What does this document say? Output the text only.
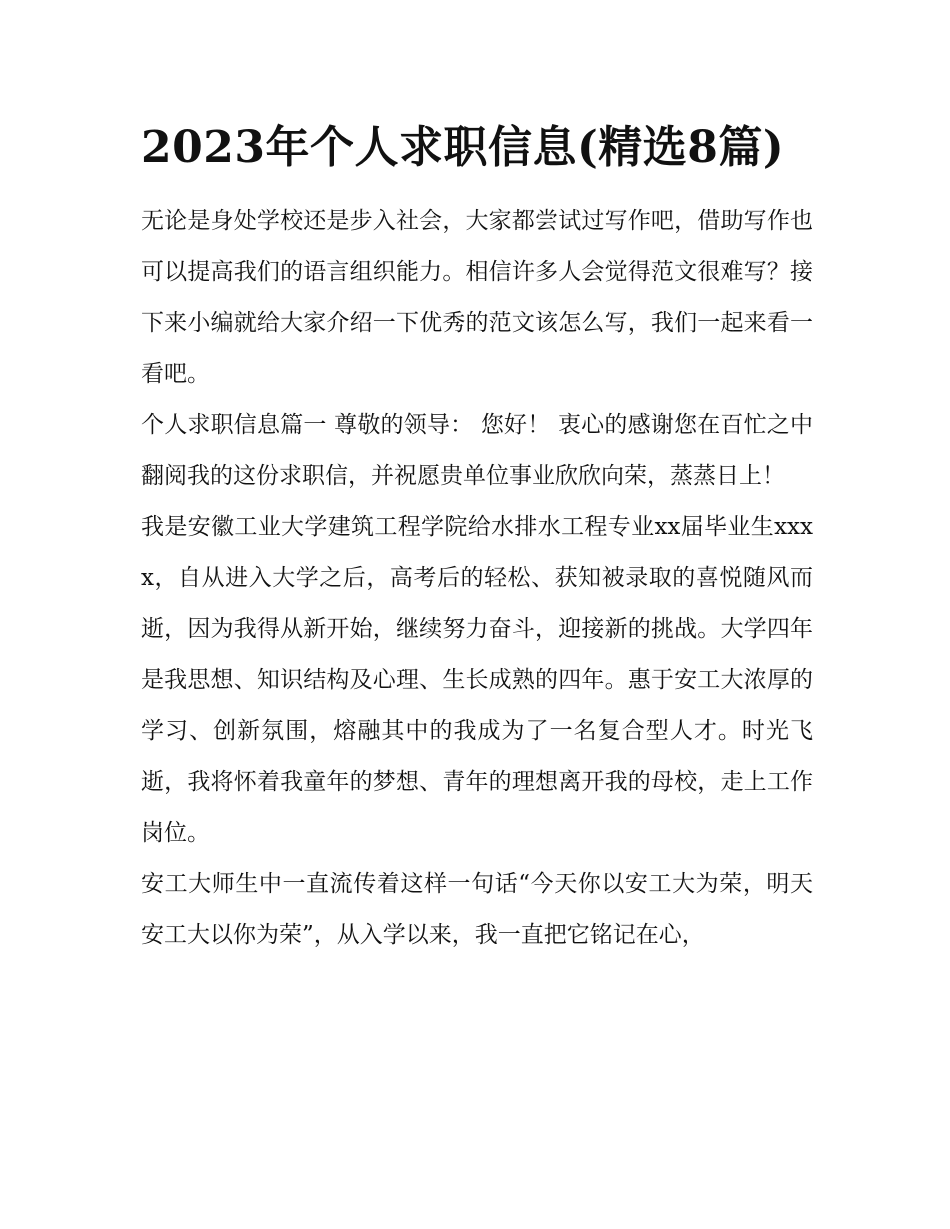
2023年个人求职信息(精选8篇)

无论是身处学校还是步入社会，大家都尝试过写作吧，借助写作也可以提高我们的语言组织能力。相信许多人会觉得范文很难写？接下来小编就给大家介绍一下优秀的范文该怎么写，我们一起来看一看吧。

个人求职信息篇一 尊敬的领导： 您好！ 衷心的感谢您在百忙之中翻阅我的这份求职信，并祝愿贵单位事业欣欣向荣，蒸蒸日上！

我是安徽工业大学建筑工程学院给水排水工程专业xx届毕业生xxxx，自从进入大学之后，高考后的轻松、获知被录取的喜悦随风而逝，因为我得从新开始，继续努力奋斗，迎接新的挑战。大学四年是我思想、知识结构及心理、生长成熟的四年。惠于安工大浓厚的学习、创新氛围，熔融其中的我成为了一名复合型人才。时光飞逝，我将怀着我童年的梦想、青年的理想离开我的母校，走上工作岗位。

安工大师生中一直流传着这样一句话“今天你以安工大为荣，明天安工大以你为荣”，从入学以来，我一直把它铭记在心，
